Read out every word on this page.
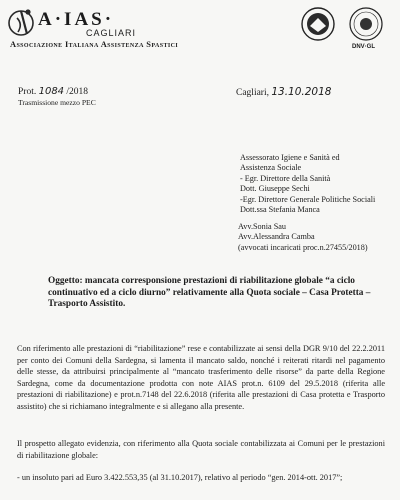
A·IAS·
CAGLIARI
Associazione Italiana Assistenza Spastici	DNV·GL
Prot. 1084 /2018
Trasmissione mezzo PEC
Cagliari, 13.10.2018
Assessorato Igiene e Sanità ed
Assistenza Sociale
- Egr. Direttore della Sanità
Dott. Giuseppe Sechi
-Egr. Direttore Generale Politiche Sociali
Dott.ssa Stefania Manca
Avv.Sonia Sau
Avv.Alessandra Camba
(avvocati incaricati proc.n.27455/2018)
Oggetto: mancata corresponsione prestazioni di riabilitazione globale “a ciclo continuativo ed a ciclo diurno” relativamente alla Quota sociale – Casa Protetta – Trasporto Assistito.
Con riferimento alle prestazioni di “riabilitazione” rese e contabilizzate ai sensi della DGR 9/10 del 22.2.2011 per conto dei Comuni della Sardegna, si lamenta il mancato saldo, nonché i reiterati ritardi nel pagamento delle stesse, da attribuirsi principalmente al “mancato trasferimento delle risorse” da parte della Regione Sardegna, come da documentazione prodotta con note AIAS prot.n. 6109 del 29.5.2018 (riferita alle prestazioni di riabilitazione) e prot.n.7148 del 22.6.2018 (riferita alle prestazioni di Casa protetta e Trasporto assistito) che si richiamano integralmente e si allegano alla presente.
Il prospetto allegato evidenzia, con riferimento alla Quota sociale contabilizzata ai Comuni per le prestazioni di riabilitazione globale:
- un insoluto pari ad Euro 3.422.553,35 (al 31.10.2017), relativo al periodo “gen. 2014-ott. 2017”;
